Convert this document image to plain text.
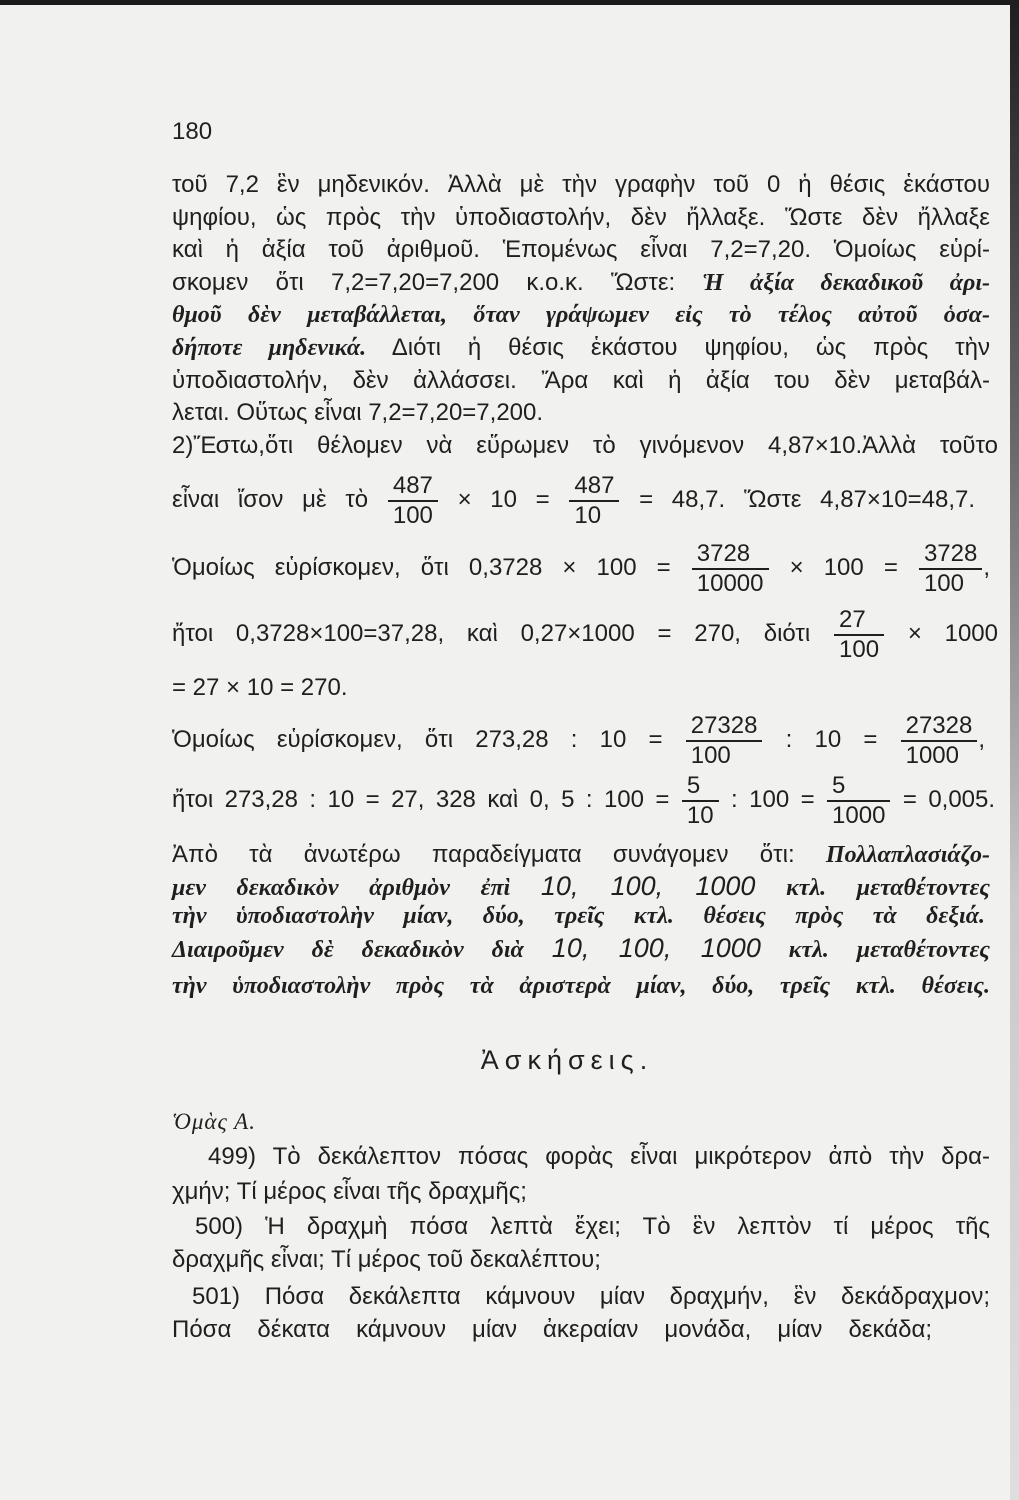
180
τοῦ 7,2 ἓν μηδενικόν. Ἀλλὰ μὲ τὴν γραφὴν τοῦ 0 ἡ θέσις ἑκάστου
ψηφίου, ὡς πρὸς τὴν ὑποδιαστολήν, δὲν ἤλλαξε. Ὥστε δὲν ἤλλαξε
καὶ ἡ ἀξία τοῦ ἀριθμοῦ. Ἑπομένως εἶναι 7,2=7,20. Ὁμοίως εὑρί-
σκομεν ὅτι 7,2=7,20=7,200 κ.ο.κ. Ὥστε: Ἡ ἀξία δεκαδικοῦ ἀρι-
θμοῦ δὲν μεταβάλλεται, ὅταν γράψωμεν εἰς τὸ τέλος αὐτοῦ ὁσα-
δήποτε μηδενικά. Διότι ἡ θέσις ἑκάστου ψηφίου, ὡς πρὸς τὴν
ὑποδιαστολήν, δὲν ἀλλάσσει. Ἄρα καὶ ἡ ἀξία του δὲν μεταβάλ-
λεται. Οὕτως εἶναι 7,2=7,20=7,200.
2)Ἔστω,ὅτι θέλομεν νὰ εὕρωμεν τὸ γινόμενον 4,87×10.Ἀλλὰ τοῦτο
εἶναι ἴσον μὲ τὸ $\frac{487}{100} \times 10 = \frac{487}{10} = 48,7$. Ὥστε 4,87×10=48,7.
Ὁμοίως εὑρίσκομεν, ὅτι $0,3728 \times 100 = \frac{3728}{10000} \times 100 = \frac{3728}{100}$ ,
ἤτοι 0,3728×100=37,28, καὶ 0,27×1000 = 270, διότι $\frac{27}{100} \times 1000$
= 27 × 10 = 270.
Ὁμοίως εὑρίσκομεν, ὅτι 273,28 : $10 = \frac{27328}{100}$ : $10 = \frac{27328}{1000}$ ,
ἤτοι 273,28 : 10 = 27, 328 καὶ 0, 5 : $100 = \frac{5}{10}$ : $100 = \frac{5}{1000} = 0,005$.
Ἀπὸ τὰ ἀνωτέρω παραδείγματα συνάγομεν ὅτι: Πολλαπλασιάζο-
μεν δεκαδικὸν ἀριθμὸν ἐπὶ 10, 100, 1000 κτλ. μεταθέτοντες
τὴν ὑποδιαστολὴν μίαν, δύο, τρεῖς κτλ. θέσεις πρὸς τὰ δεξιά.
Διαιροῦμεν δὲ δεκαδικὸν διὰ 10, 100, 1000 κτλ. μεταθέτοντες
τὴν ὑποδιαστολὴν πρὸς τὰ ἀριστερὰ μίαν, δύο, τρεῖς κτλ. θέσεις.
Ἀσκήσεις.
Ὁμὰς Α.
499) Τὸ δεκάλεπτον πόσας φορὰς εἶναι μικρότερον ἀπὸ τὴν δρα-
χμήν; Τί μέρος εἶναι τῆς δραχμῆς;
500) Ἡ δραχμὴ πόσα λεπτὰ ἔχει; Τὸ ἓν λεπτὸν τί μέρος τῆς
δραχμῆς εἶναι; Τί μέρος τοῦ δεκαλέπτου;
501) Πόσα δεκάλεπτα κάμνουν μίαν δραχμήν, ἓν δεκάδραχμον;
Πόσα δέκατα κάμνουν μίαν ἀκεραίαν μονάδα, μίαν δεκάδα;
